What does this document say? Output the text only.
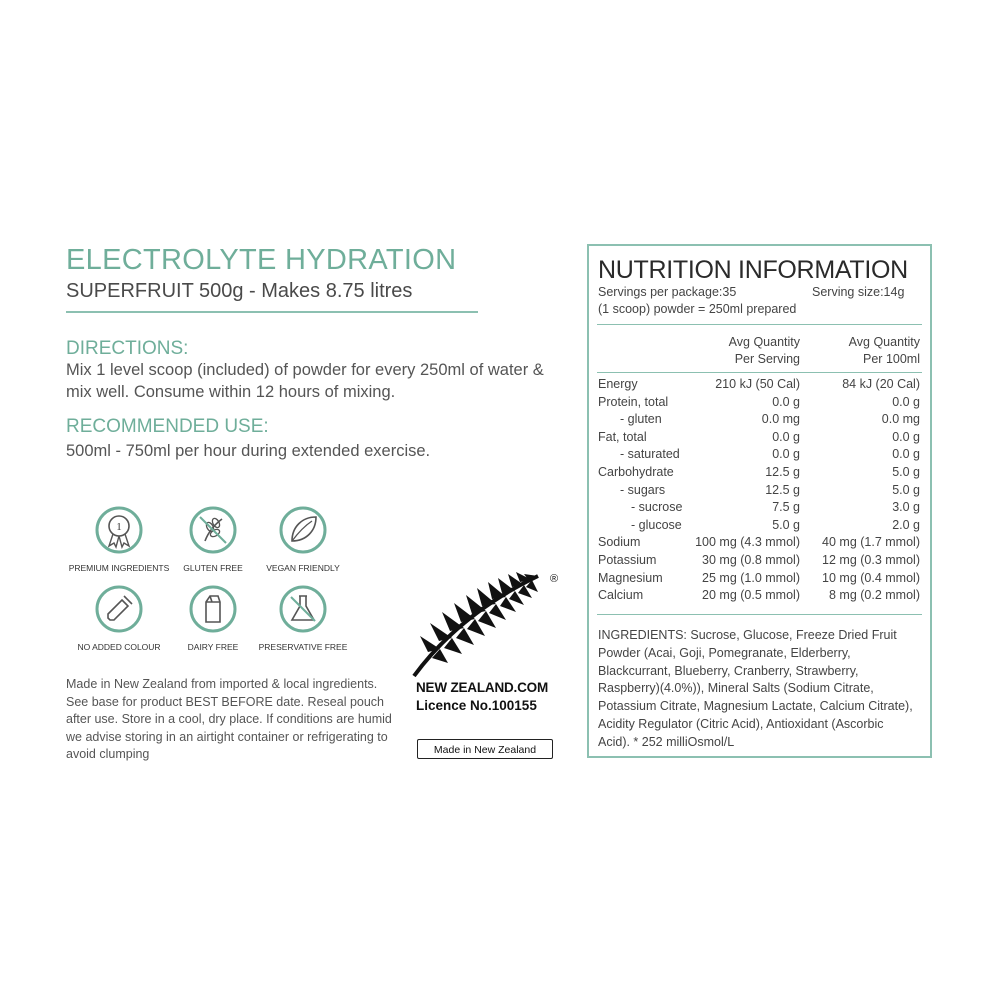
ELECTROLYTE HYDRATION
SUPERFRUIT 500g - Makes 8.75 litres
DIRECTIONS:
Mix 1 level scoop (included) of powder for every 250ml of water & mix well. Consume within 12 hours of mixing.
RECOMMENDED USE:
500ml - 750ml per hour during extended exercise.
1
PREMIUM INGREDIENTS	GLUTEN FREE	VEGAN FRIENDLY
NO ADDED COLOUR	DAIRY FREE	PRESERVATIVE FREE
Made in New Zealand from imported & local ingredients. See base for product BEST BEFORE date. Reseal pouch after use. Store in a cool, dry place. If conditions are humid we advise storing in an airtight container or refrigerating to avoid clumping
®
NEW ZEALAND.COM
Licence No.100155
Made in New Zealand
NUTRITION INFORMATION
Servings per package:35	Serving size:14g
(1 scoop) powder = 250ml prepared
Avg Quantity
Per Serving
Avg Quantity
Per 100ml
Energy	210 kJ (50 Cal)	84 kJ (20 Cal)
Protein, total	0.0 g	0.0 g
- gluten	0.0 mg	0.0 mg
Fat, total	0.0 g	0.0 g
- saturated	0.0 g	0.0 g
Carbohydrate	12.5 g	5.0 g
- sugars	12.5 g	5.0 g
- sucrose	7.5 g	3.0 g
- glucose	5.0 g	2.0 g
Sodium	100 mg (4.3 mmol) 40 mg (1.7 mmol)
Potassium	30 mg (0.8 mmol) 12 mg (0.3 mmol)
Magnesium	25 mg (1.0 mmol) 10 mg (0.4 mmol)
Calcium	20 mg (0.5 mmol) 8 mg (0.2 mmol)
INGREDIENTS: Sucrose, Glucose, Freeze Dried Fruit Powder (Acai, Goji, Pomegranate, Elderberry, Blackcurrant, Blueberry, Cranberry, Strawberry, Raspberry)(4.0%)), Mineral Salts (Sodium Citrate, Potassium Citrate, Magnesium Lactate, Calcium Citrate), Acidity Regulator (Citric Acid), Antioxidant (Ascorbic Acid). * 252 milliOsmol/L
